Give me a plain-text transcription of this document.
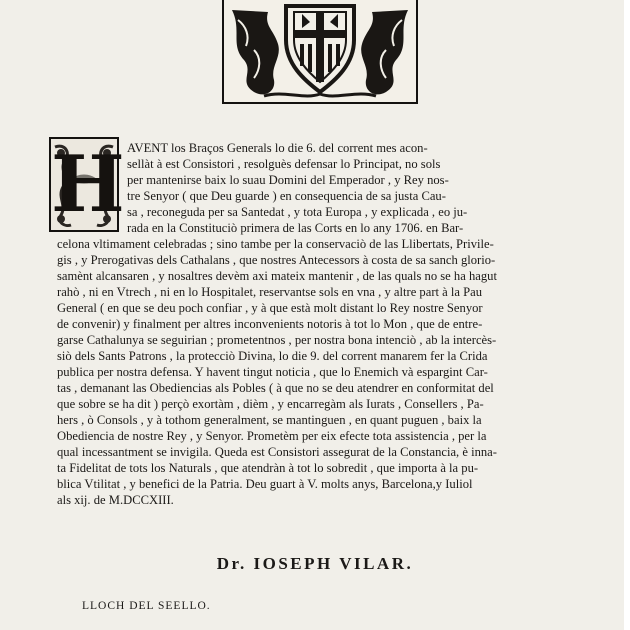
H AVENT los Braços Generals lo die 6. del corrent mes acon-
sellàt à est Consistori , resolguès defensar lo Principat, no sols
per mantenirse baix lo suau Domini del Emperador , y Rey nos-
tre Senyor ( que Deu guarde ) en consequencia de sa justa Cau-
sa , reconeguda per sa Santedat , y tota Europa , y explicada , eo ju-
rada en la Constituciò primera de las Corts en lo any 1706. en Bar-
celona vltimament celebradas ; sino tambe per la conservaciò de las Llibertats, Privile-
gis , y Prerogativas dels Cathalans , que nostres Antecessors à costa de sa sanch glorio-
samènt alcansaren , y nosaltres devèm axi mateix mantenir , de las quals no se ha hagut
rahò , ni en Vtrech , ni en lo Hospitalet, reservantse sols en vna , y altre part à la Pau
General ( en que se deu poch confiar , y à que està molt distant lo Rey nostre Senyor
de convenir) y finalment per altres inconvenients notoris à tot lo Mon , que de entre-
garse Cathalunya se seguirian ; prometentnos , per nostra bona intenciò , ab la intercès-
siò dels Sants Patrons , la protecciò Divina, lo die 9. del corrent manarem fer la Crida
publica per nostra defensa. Y havent tingut noticia , que lo Enemich và espargint Car-
tas , demanant las Obediencias als Pobles ( à que no se deu atendrer en conformitat del
que sobre se ha dit ) perçò exortàm , dièm , y encarregàm als Iurats , Consellers , Pa-
hers , ò Consols , y à tothom generalment, se mantinguen , en quant puguen , baix la
Obediencia de nostre Rey , y Senyor. Prometèm per eix efecte tota assistencia , per la
qual incessantment se invigila. Queda est Consistori assegurat de la Constancia, è inna-
ta Fidelitat de tots los Naturals , que atendràn à tot lo sobredit , que importa à la pu-
blica Vtilitat , y benefici de la Patria. Deu guart à V. molts anys, Barcelona,y Iuliol
als xij. de M.DCCXIII.
Dr. IOSEPH VILAR.
LLOCH DEL SEELLO.
